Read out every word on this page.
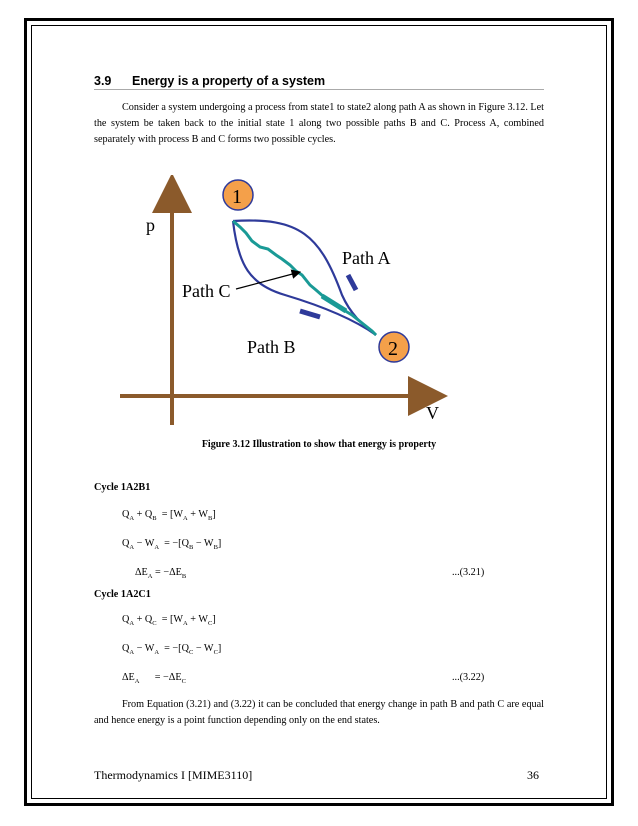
3.9 Energy is a property of a system
Consider a system undergoing a process from state1 to state2 along path A as shown in Figure 3.12. Let the system be taken back to the initial state 1 along two possible paths B and C. Process A, combined separately with process B and C forms two possible cycles.
1
2
p
V
Path A
Path C
Path B
Figure 3.12 Illustration to show that energy is property
Cycle 1A2B1
$Q_A + Q_B = [W_A + W_B]$
$Q_A - W_A = -[Q_B - W_B]$
$\Delta E_A = -\Delta E_B$	...(3.21)
Cycle 1A2C1
$Q_A + Q_C = [W_A + W_C]$
$Q_A - W_A = -[Q_C - W_C]$
$\Delta E_A$      = $-\Delta E_C$	...(3.22)
From Equation (3.21) and (3.22) it can be concluded that energy change in path B and path C are equal and hence energy is a point function depending only on the end states.
Thermodynamics I [MIME3110]	36
